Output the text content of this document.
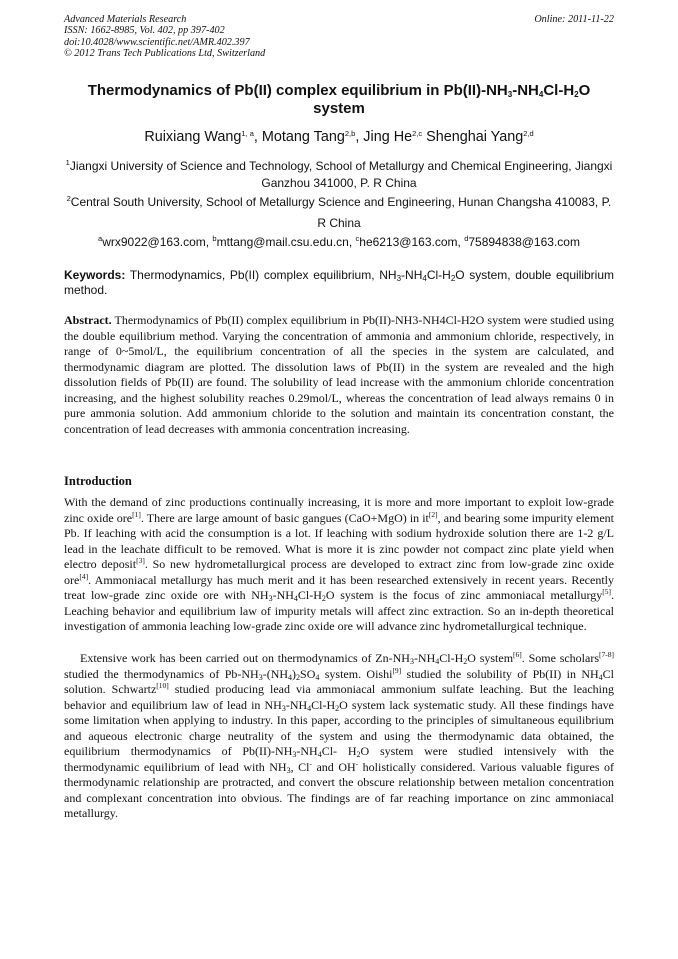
Advanced Materials Research
ISSN: 1662-8985, Vol. 402, pp 397-402
doi:10.4028/www.scientific.net/AMR.402.397
© 2012 Trans Tech Publications Ltd, Switzerland
Online: 2011-11-22
Thermodynamics of Pb(II) complex equilibrium in $Pb(II)-NH_3-NH_4Cl-H_2O$
system
Ruixiang Wang$^{1, a}$, Motang Tang$^{2,b}$, Jing He$^{2,c}$ Shenghai Yang$^{2,d}$
$^1$Jiangxi University of Science and Technology, School of Metallurgy and Chemical Engineering, Jiangxi Ganzhou 341000, P. R China
$^2$Central South University, School of Metallurgy Science and Engineering, Hunan Changsha 410083, P. R China
$^a$wrx9022@163.com, $^b$mttang@mail.csu.edu.cn, $^c$he6213@163.com, $^d$75894838@163.com
Keywords: Thermodynamics, Pb(II) complex equilibrium, $NH_3-NH_4Cl-H_2O$ system, double equilibrium method.
Abstract. Thermodynamics of Pb(II) complex equilibrium in Pb(II)-NH3-NH4Cl-H2O system were studied using the double equilibrium method. Varying the concentration of ammonia and ammonium chloride, respectively, in range of 0~5mol/L, the equilibrium concentration of all the species in the system are calculated, and thermodynamic diagram are plotted. The dissolution laws of Pb(II) in the system are revealed and the high dissolution fields of Pb(II) are found. The solubility of lead increase with the ammonium chloride concentration increasing, and the highest solubility reaches 0.29mol/L, whereas the concentration of lead always remains 0 in pure ammonia solution. Add ammonium chloride to the solution and maintain its concentration constant, the concentration of lead decreases with ammonia concentration increasing.
Introduction
With the demand of zinc productions continually increasing, it is more and more important to exploit low-grade zinc oxide ore[1]. There are large amount of basic gangues (CaO+MgO) in it[2], and bearing some impurity element Pb. If leaching with acid the consumption is a lot. If leaching with sodium hydroxide solution there are 1-2 g/L lead in the leachate difficult to be removed. What is more it is zinc powder not compact zinc plate yield when electro deposit[3]. So new hydrometallurgical process are developed to extract zinc from low-grade zinc oxide ore[4]. Ammoniacal metallurgy has much merit and it has been researched extensively in recent years. Recently treat low-grade zinc oxide ore with $NH_3-NH_4Cl-H_2O$ system is the focus of zinc ammoniacal metallurgy[5]. Leaching behavior and equilibrium law of impurity metals will affect zinc extraction. So an in-depth theoretical investigation of ammonia leaching low-grade zinc oxide ore will advance zinc hydrometallurgical technique.
Extensive work has been carried out on thermodynamics of $Zn-NH_3-NH_4Cl-H_2O$ system[6]. Some scholars[7-8] studied the thermodynamics of $Pb-NH_3-(NH_4)_2SO_4$ system. Oishi[9] studied the solubility of Pb(II) in $NH_4Cl$ solution. Schwartz[10] studied producing lead via ammoniacal ammonium sulfate leaching. But the leaching behavior and equilibrium law of lead in $NH_3-NH_4Cl-H_2O$ system lack systematic study. All these findings have some limitation when applying to industry. In this paper, according to the principles of simultaneous equilibrium and aqueous electronic charge neutrality of the system and using the thermodynamic data obtained, the equilibrium thermodynamics of $Pb(II)-NH_3-NH_4Cl-$ $H_2O$ system were studied intensively with the thermodynamic equilibrium of lead with $NH_3$, Cl- and OH- holistically considered. Various valuable figures of thermodynamic relationship are protracted, and convert the obscure relationship between metalion concentration and complexant concentration into obvious. The findings are of far reaching importance on zinc ammoniacal metallurgy.
